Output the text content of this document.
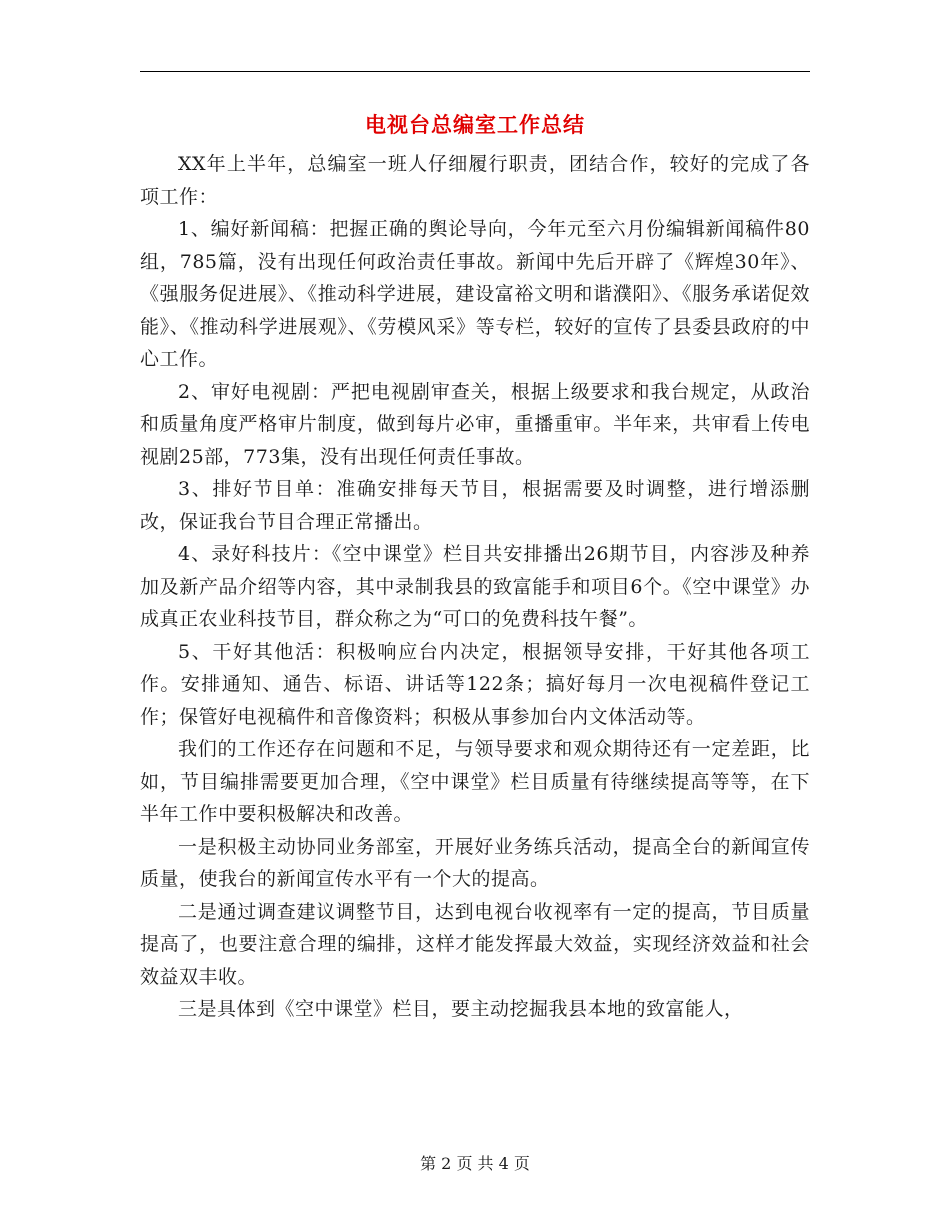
电视台总编室工作总结

XX年上半年，总编室一班人仔细履行职责，团结合作，较好的完成了各项工作：

1、编好新闻稿：把握正确的舆论导向，今年元至六月份编辑新闻稿件80组，785篇，没有出现任何政治责任事故。新闻中先后开辟了《辉煌30年》、《强服务促进展》、《推动科学进展，建设富裕文明和谐濮阳》、《服务承诺促效能》、《推动科学进展观》、《劳模风采》等专栏，较好的宣传了县委县政府的中心工作。

2、审好电视剧：严把电视剧审查关，根据上级要求和我台规定，从政治和质量角度严格审片制度，做到每片必审，重播重审。半年来，共审看上传电视剧25部，773集，没有出现任何责任事故。

3、排好节目单：准确安排每天节目，根据需要及时调整，进行增添删改，保证我台节目合理正常播出。

4、录好科技片：《空中课堂》栏目共安排播出26期节目，内容涉及种养加及新产品介绍等内容，其中录制我县的致富能手和项目6个。《空中课堂》办成真正农业科技节目，群众称之为“可口的免费科技午餐”。

5、干好其他活：积极响应台内决定，根据领导安排，干好其他各项工作。安排通知、通告、标语、讲话等122条；搞好每月一次电视稿件登记工作；保管好电视稿件和音像资料；积极从事参加台内文体活动等。

我们的工作还存在问题和不足，与领导要求和观众期待还有一定差距，比如，节目编排需要更加合理，《空中课堂》栏目质量有待继续提高等等，在下半年工作中要积极解决和改善。

一是积极主动协同业务部室，开展好业务练兵活动，提高全台的新闻宣传质量，使我台的新闻宣传水平有一个大的提高。

二是通过调查建议调整节目，达到电视台收视率有一定的提高，节目质量提高了，也要注意合理的编排，这样才能发挥最大效益，实现经济效益和社会效益双丰收。

三是具体到《空中课堂》栏目，要主动挖掘我县本地的致富能人，

第 2 页 共 4 页
